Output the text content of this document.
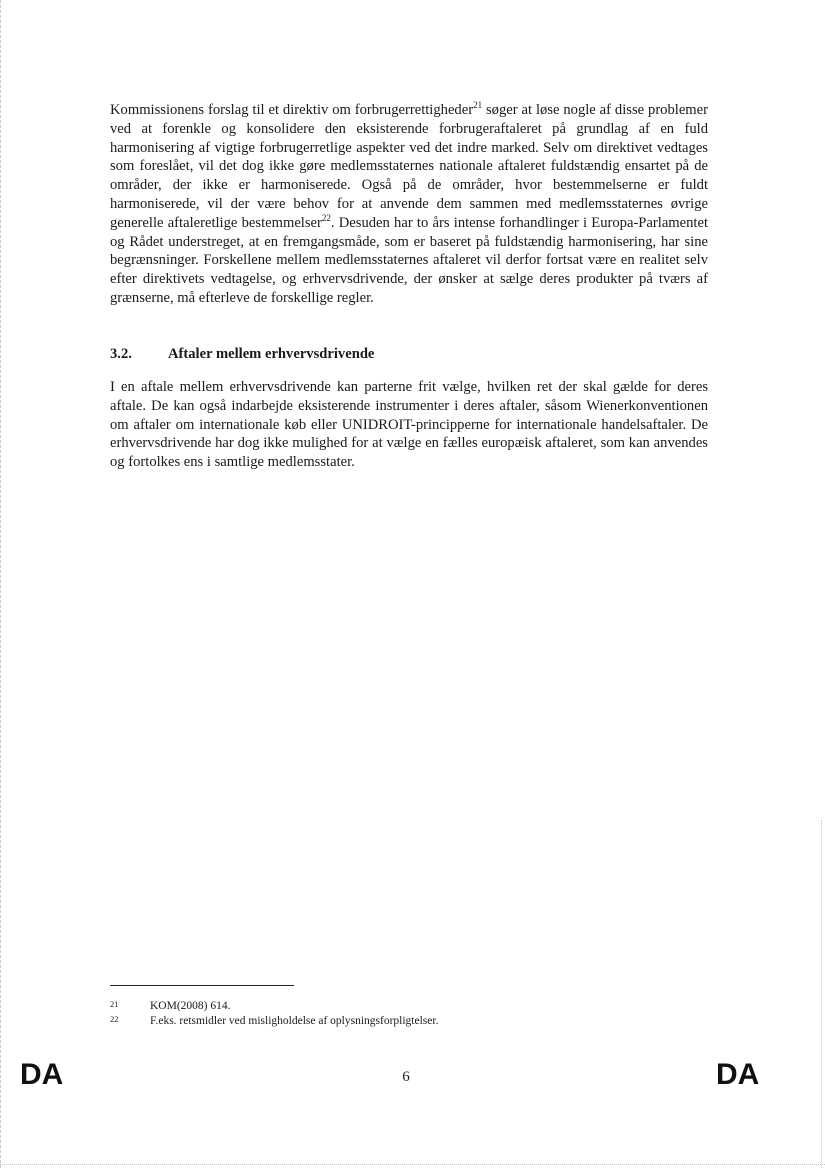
Kommissionens forslag til et direktiv om forbrugerrettigheder$^{21}$ søger at løse nogle af disse problemer ved at forenkle og konsolidere den eksisterende forbrugeraftaleret på grundlag af en fuld harmonisering af vigtige forbrugerretlige aspekter ved det indre marked. Selv om direktivet vedtages som foreslået, vil det dog ikke gøre medlemsstaternes nationale aftaleret fuldstændig ensartet på de områder, der ikke er harmoniserede. Også på de områder, hvor bestemmelserne er fuldt harmoniserede, vil der være behov for at anvende dem sammen med medlemsstaternes øvrige generelle aftaleretlige bestemmelser$^{22}$. Desuden har to års intense forhandlinger i Europa-Parlamentet og Rådet understreget, at en fremgangsmåde, som er baseret på fuldstændig harmonisering, har sine begrænsninger. Forskellene mellem medlemsstaternes aftaleret vil derfor fortsat være en realitet selv efter direktivets vedtagelse, og erhvervsdrivende, der ønsker at sælge deres produkter på tværs af grænserne, må efterleve de forskellige regler.

3.2. Aftaler mellem erhvervsdrivende

I en aftale mellem erhvervsdrivende kan parterne frit vælge, hvilken ret der skal gælde for deres aftale. De kan også indarbejde eksisterende instrumenter i deres aftaler, såsom Wienerkonventionen om aftaler om internationale køb eller UNIDROIT-principperne for internationale handelsaftaler. De erhvervsdrivende har dog ikke mulighed for at vælge en fælles europæisk aftaleret, som kan anvendes og fortolkes ens i samtlige medlemsstater.

21	KOM(2008) 614.
22	F.eks. retsmidler ved misligholdelse af oplysningsforpligtelser.
DA	6	DA
